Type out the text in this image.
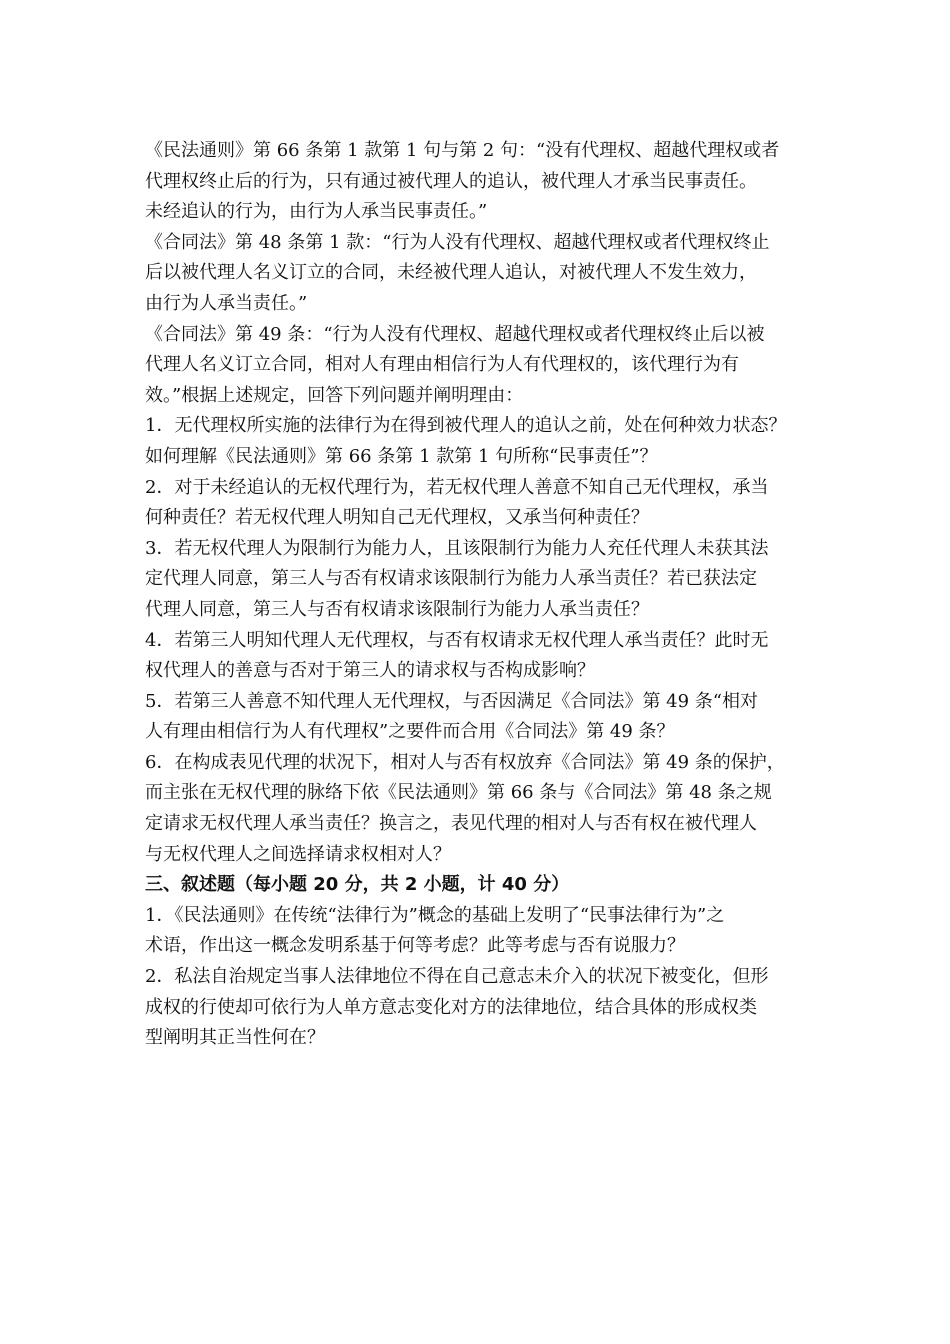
《民法通则》第 66 条第 1 款第 1 句与第 2 句：“没有代理权、超越代理权或者
代理权终止后的行为，只有通过被代理人的追认，被代理人才承当民事责任。
未经追认的行为，由行为人承当民事责任。”
《合同法》第 48 条第 1 款：“行为人没有代理权、超越代理权或者代理权终止
后以被代理人名义订立的合同，未经被代理人追认，对被代理人不发生效力，
由行为人承当责任。”
《合同法》第 49 条：“行为人没有代理权、超越代理权或者代理权终止后以被
代理人名义订立合同，相对人有理由相信行为人有代理权的，该代理行为有
效。”根据上述规定，回答下列问题并阐明理由：
1．无代理权所实施的法律行为在得到被代理人的追认之前，处在何种效力状态？
如何理解《民法通则》第 66 条第 1 款第 1 句所称“民事责任”？
2．对于未经追认的无权代理行为，若无权代理人善意不知自己无代理权，承当
何种责任？若无权代理人明知自己无代理权，又承当何种责任？
3．若无权代理人为限制行为能力人，且该限制行为能力人充任代理人未获其法
定代理人同意，第三人与否有权请求该限制行为能力人承当责任？若已获法定
代理人同意，第三人与否有权请求该限制行为能力人承当责任？
4．若第三人明知代理人无代理权，与否有权请求无权代理人承当责任？此时无
权代理人的善意与否对于第三人的请求权与否构成影响？
5．若第三人善意不知代理人无代理权，与否因满足《合同法》第 49 条“相对
人有理由相信行为人有代理权”之要件而合用《合同法》第 49 条？
6．在构成表见代理的状况下，相对人与否有权放弃《合同法》第 49 条的保护，
而主张在无权代理的脉络下依《民法通则》第 66 条与《合同法》第 48 条之规
定请求无权代理人承当责任？换言之，表见代理的相对人与否有权在被代理人
与无权代理人之间选择请求权相对人？
三、叙述题（每小题 20 分，共 2 小题，计 40 分）
1．《民法通则》在传统“法律行为”概念的基础上发明了“民事法律行为”之
术语，作出这一概念发明系基于何等考虑？此等考虑与否有说服力？
2．私法自治规定当事人法律地位不得在自己意志未介入的状况下被变化，但形
成权的行使却可依行为人单方意志变化对方的法律地位，结合具体的形成权类
型阐明其正当性何在？
